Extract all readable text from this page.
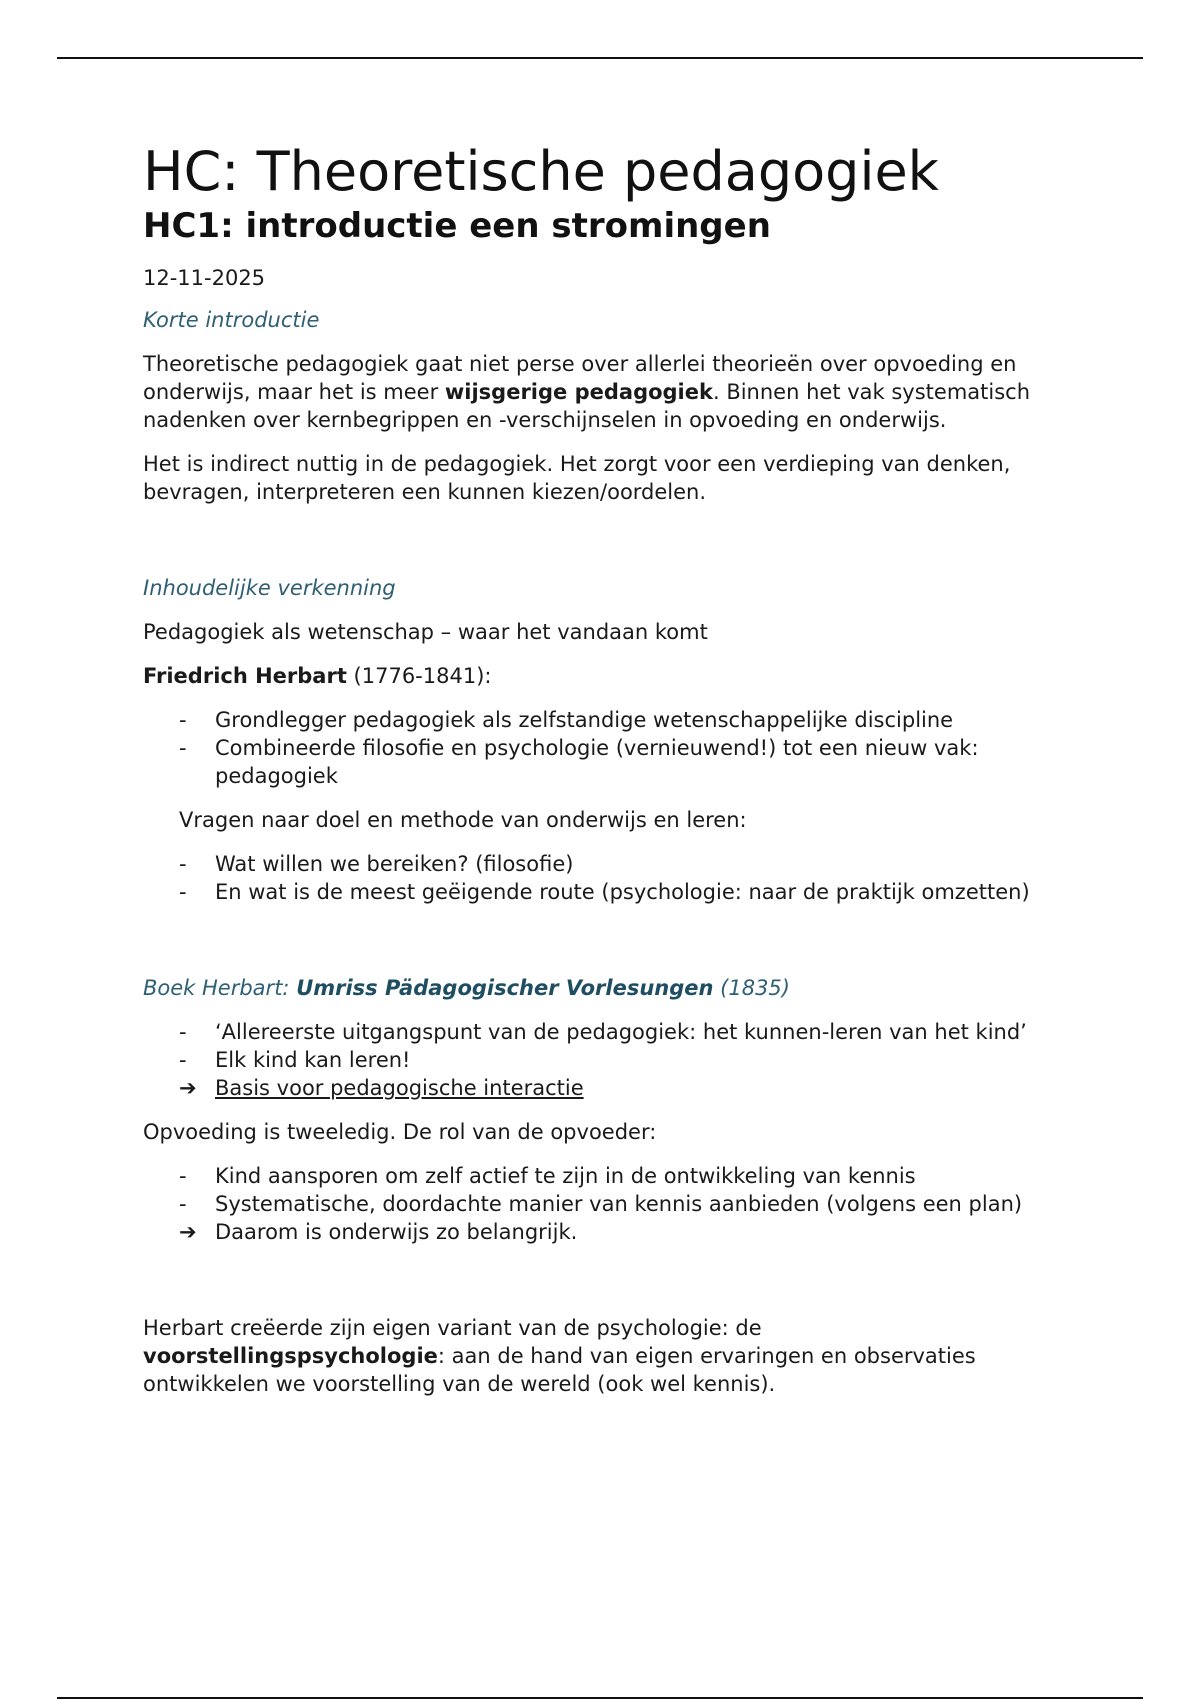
HC: Theoretische pedagogiek
HC1: introductie een stromingen

12-11-2025

Korte introductie

Theoretische pedagogiek gaat niet perse over allerlei theorieën over opvoeding en onderwijs, maar het is meer wijsgerige pedagogiek. Binnen het vak systematisch nadenken over kernbegrippen en -verschijnselen in opvoeding en onderwijs.

Het is indirect nuttig in de pedagogiek. Het zorgt voor een verdieping van denken, bevragen, interpreteren een kunnen kiezen/oordelen.

Inhoudelijke verkenning

Pedagogiek als wetenschap – waar het vandaan komt

Friedrich Herbart (1776-1841):

-	Grondlegger pedagogiek als zelfstandige wetenschappelijke discipline
-	Combineerde filosofie en psychologie (vernieuwend!) tot een nieuw vak: pedagogiek

Vragen naar doel en methode van onderwijs en leren:

-	Wat willen we bereiken? (filosofie)
-	En wat is de meest geëigende route (psychologie: naar de praktijk omzetten)

Boek Herbart: Umriss Pädagogischer Vorlesungen (1835)

-	‘Allereerste uitgangspunt van de pedagogiek: het kunnen-leren van het kind’
-	Elk kind kan leren!
➔ Basis voor pedagogische interactie

Opvoeding is tweeledig. De rol van de opvoeder:

-	Kind aansporen om zelf actief te zijn in de ontwikkeling van kennis
-	Systematische, doordachte manier van kennis aanbieden (volgens een plan)
➔ Daarom is onderwijs zo belangrijk.

Herbart creëerde zijn eigen variant van de psychologie: de voorstellingspsychologie: aan de hand van eigen ervaringen en observaties ontwikkelen we voorstelling van de wereld (ook wel kennis).
